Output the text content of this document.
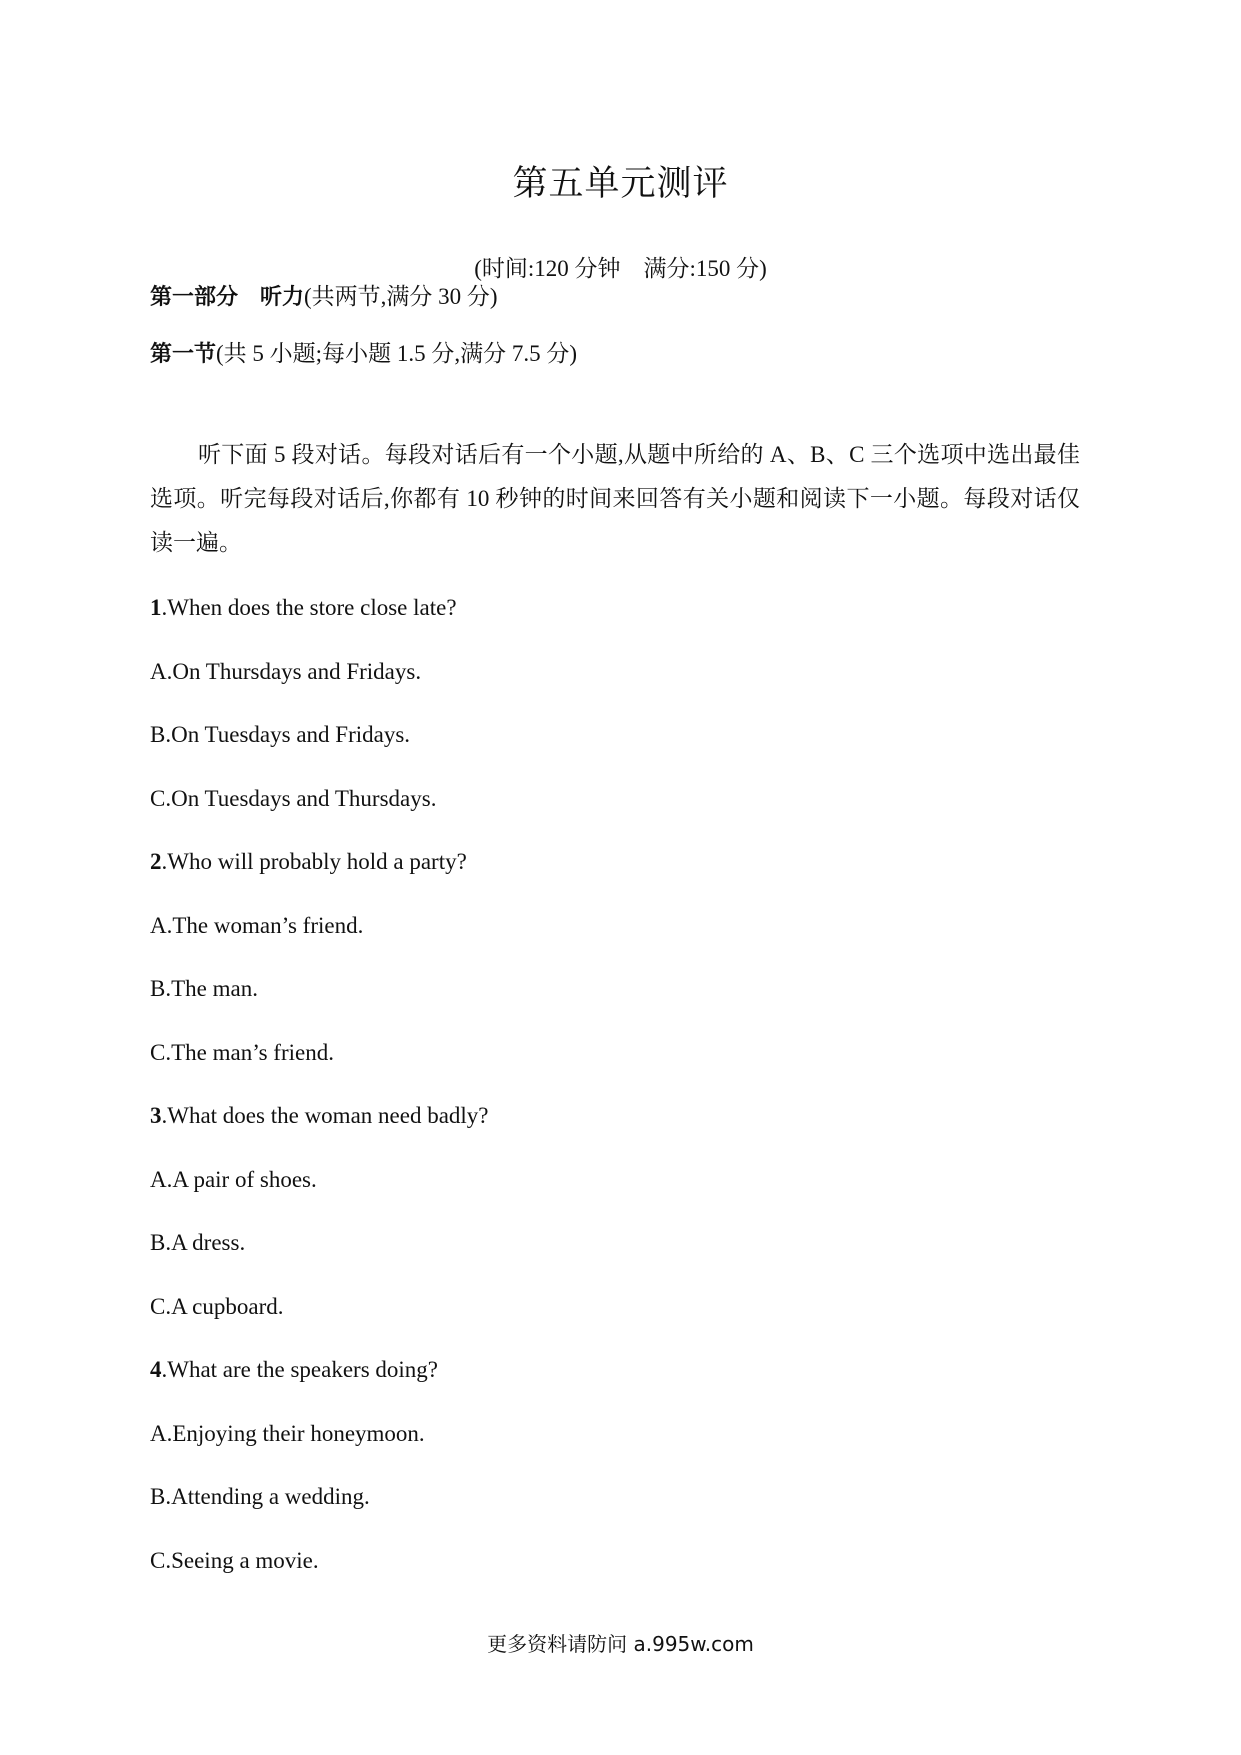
第五单元测评
(时间:120 分钟　满分:150 分)
第一部分　听力(共两节,满分 30 分)
第一节(共 5 小题;每小题 1.5 分,满分 7.5 分)
听下面 5 段对话。每段对话后有一个小题,从题中所给的 A、B、C 三个选项中选出最佳选项。听完每段对话后,你都有 10 秒钟的时间来回答有关小题和阅读下一小题。每段对话仅读一遍。
1.When does the store close late?
A.On Thursdays and Fridays.
B.On Tuesdays and Fridays.
C.On Tuesdays and Thursdays.
2.Who will probably hold a party?
A.The woman’s friend.
B.The man.
C.The man’s friend.
3.What does the woman need badly?
A.A pair of shoes.
B.A dress.
C.A cupboard.
4.What are the speakers doing?
A.Enjoying their honeymoon.
B.Attending a wedding.
C.Seeing a movie.
更多资料请防问 a.995w.com
